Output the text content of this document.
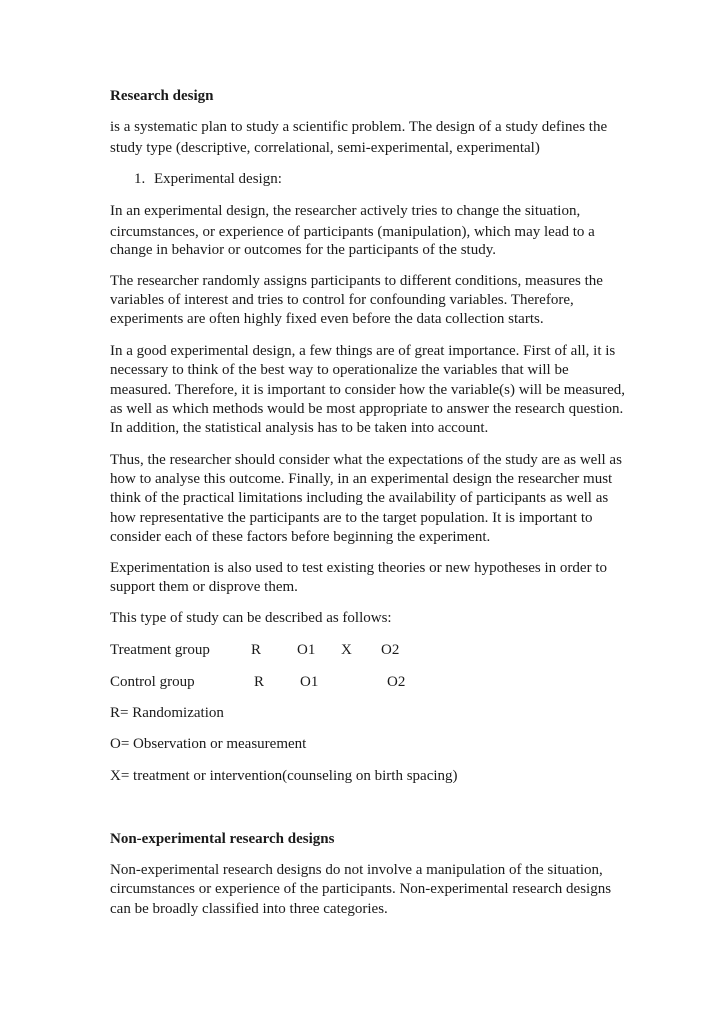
Research design
is a systematic plan to study a scientific problem. The design of a study defines the
study type (descriptive, correlational, semi-experimental, experimental)
1. Experimental design:
In an experimental design, the researcher actively tries to change the situation,
circumstances, or experience of participants (manipulation), which may lead to a
change in behavior or outcomes for the participants of the study.
The researcher randomly assigns participants to different conditions, measures the
variables of interest and tries to control for confounding variables. Therefore,
experiments are often highly fixed even before the data collection starts.
In a good experimental design, a few things are of great importance. First of all, it is
necessary to think of the best way to operationalize the variables that will be
measured. Therefore, it is important to consider how the variable(s) will be measured,
as well as which methods would be most appropriate to answer the research question.
In addition, the statistical analysis has to be taken into account.
Thus, the researcher should consider what the expectations of the study are as well as
how to analyse this outcome. Finally, in an experimental design the researcher must
think of the practical limitations including the availability of participants as well as
how representative the participants are to the target population. It is important to
consider each of these factors before beginning the experiment.
Experimentation is also used to test existing theories or new hypotheses in order to
support them or disprove them.
This type of study can be described as follows:
Treatment group	R O1 X O2
Control group	R O1	O2
R= Randomization
O= Observation or measurement
X= treatment or intervention(counseling on birth spacing)
Non-experimental research designs
Non-experimental research designs do not involve a manipulation of the situation,
circumstances or experience of the participants. Non-experimental research designs
can be broadly classified into three categories.
